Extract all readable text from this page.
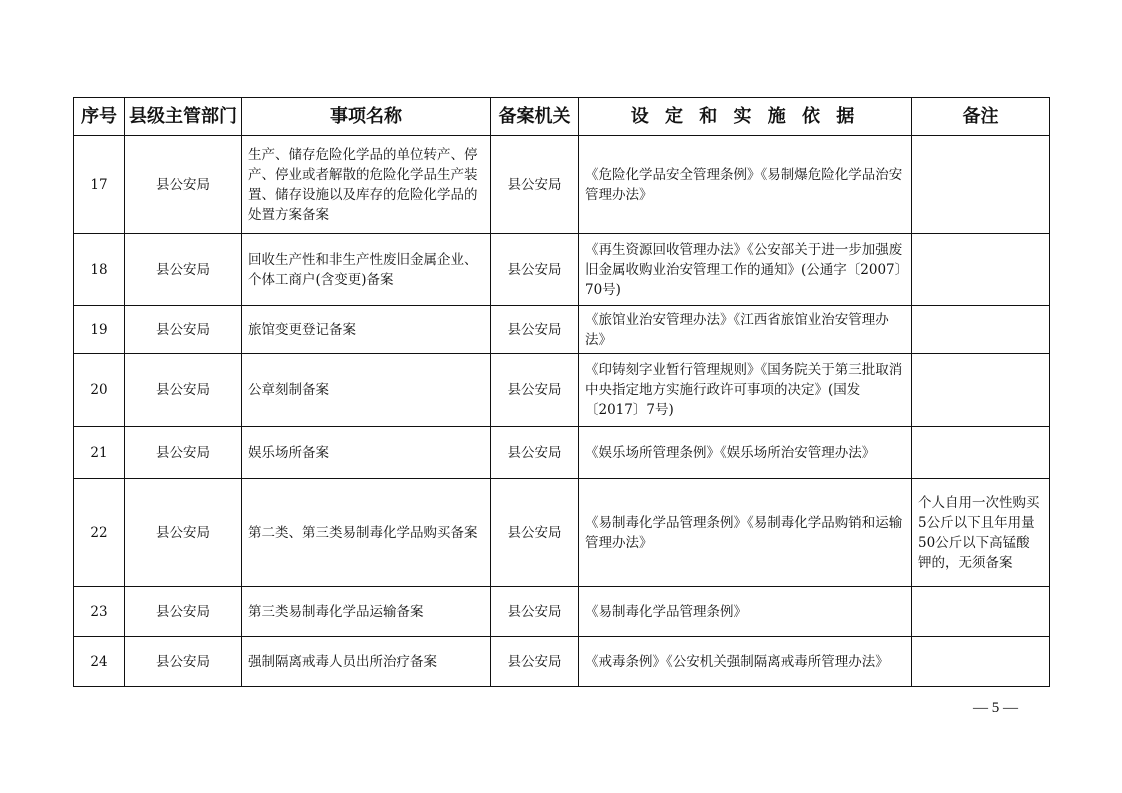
序号	县级主管部门	事项名称	备案机关	设 定 和 实 施 依 据	备注
17	县公安局	生产、储存危险化学品的单位转产、停产、停业或者解散的危险化学品生产装置、储存设施以及库存的危险化学品的处置方案备案	县公安局	《危险化学品安全管理条例》《易制爆危险化学品治安管理办法》	
18	县公安局	回收生产性和非生产性废旧金属企业、个体工商户(含变更)备案	县公安局	《再生资源回收管理办法》《公安部关于进一步加强废旧金属收购业治安管理工作的通知》(公通字〔2007〕70号)	
19	县公安局	旅馆变更登记备案	县公安局	《旅馆业治安管理办法》《江西省旅馆业治安管理办法》	
20	县公安局	公章刻制备案	县公安局	《印铸刻字业暂行管理规则》《国务院关于第三批取消中央指定地方实施行政许可事项的决定》(国发〔2017〕7号)	
21	县公安局	娱乐场所备案	县公安局	《娱乐场所管理条例》《娱乐场所治安管理办法》	
22	县公安局	第二类、第三类易制毒化学品购买备案	县公安局	《易制毒化学品管理条例》《易制毒化学品购销和运输管理办法》	个人自用一次性购买5公斤以下且年用量50公斤以下高锰酸钾的，无须备案
23	县公安局	第三类易制毒化学品运输备案	县公安局	《易制毒化学品管理条例》	
24	县公安局	强制隔离戒毒人员出所治疗备案	县公安局	《戒毒条例》《公安机关强制隔离戒毒所管理办法》	
— 5 —
